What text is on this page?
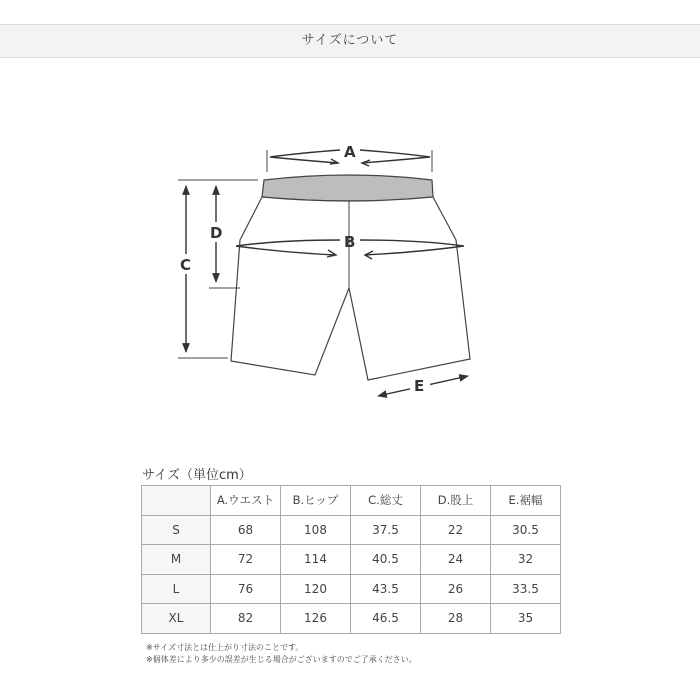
サイズについて
A
B
C
D
E
サイズ（単位cm）
	A.ウエスト	B.ヒップ	C.総丈	D.股上	E.裾幅
S	68	108	37.5	22	30.5
M	72	114	40.5	24	32
L	76	120	43.5	26	33.5
XL	82	126	46.5	28	35
※サイズ寸法とは仕上がり寸法のことです。
※個体差により多少の誤差が生じる場合がございますのでご了承ください。
